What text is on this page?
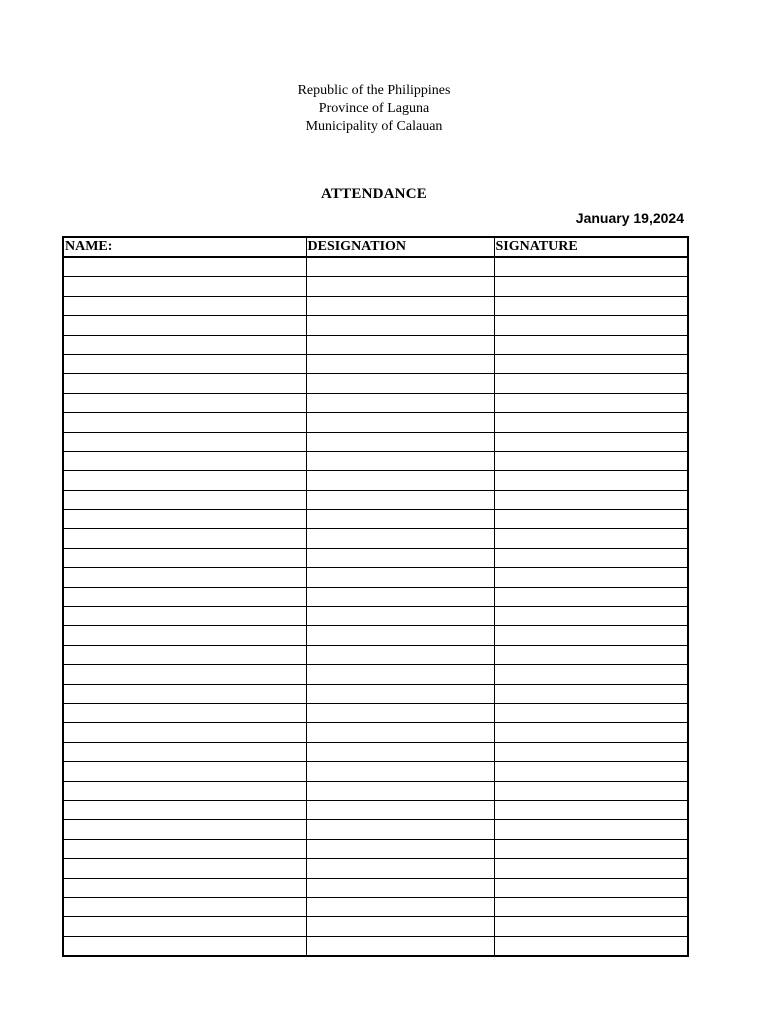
Republic of the Philippines
Province of Laguna
Municipality of Calauan
ATTENDANCE
January 19,2024
NAME:	DESIGNATION	SIGNATURE
